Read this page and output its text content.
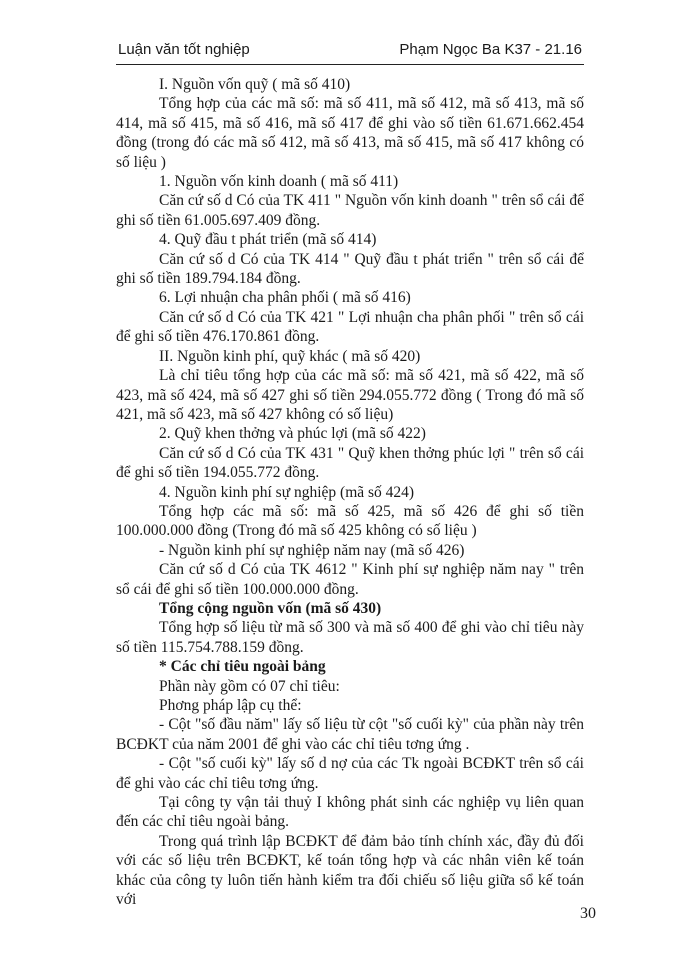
Luận văn tốt nghiệp	Phạm Ngọc Ba K37 - 21.16

I. Nguồn vốn quỹ ( mã số 410)

Tổng hợp của các mã số: mã số 411, mã số 412, mã số 413, mã số 414, mã số 415, mã số 416, mã số 417 để ghi vào số tiền 61.671.662.454 đồng (trong đó các mã số 412, mã số 413, mã số 415, mã số 417 không có số liệu )

1. Nguồn vốn kinh doanh ( mã số 411)

Căn cứ số d Có của TK 411 " Nguồn vốn kinh doanh " trên sổ cái để ghi số tiền 61.005.697.409 đồng.

4. Quỹ đầu t phát triển (mã số 414)

Căn cứ số d Có của TK 414 " Quỹ đầu t phát triển " trên sổ cái để ghi số tiền 189.794.184 đồng.

6. Lợi nhuận cha phân phối ( mã số 416)

Căn cứ số d Có của TK 421 " Lợi nhuận cha phân phối " trên sổ cái để ghi số tiền 476.170.861 đồng.

II. Nguồn kinh phí, quỹ khác ( mã số 420)

Là chỉ tiêu tổng hợp của các mã số: mã số 421, mã số 422, mã số 423, mã số 424, mã số 427 ghi số tiền 294.055.772 đồng ( Trong đó mã số 421, mã số 423, mã số 427 không có số liệu)

2. Quỹ khen thởng và phúc lợi (mã số 422)

Căn cứ số d Có của TK 431 " Quỹ khen thởng phúc lợi " trên sổ cái để ghi số tiền 194.055.772 đồng.

4. Nguồn kinh phí sự nghiệp (mã số 424)

Tổng hợp các mã số: mã số 425, mã số 426 để ghi số tiền 100.000.000 đồng (Trong đó mã số 425 không có số liệu )

- Nguồn kinh phí sự nghiệp năm nay (mã số 426)

Căn cứ số d Có của TK 4612 " Kinh phí sự nghiệp năm nay " trên sổ cái để ghi số tiền 100.000.000 đồng.

Tổng cộng nguồn vốn (mã số 430)

Tổng hợp số liệu từ mã số 300 và mã số 400 để ghi vào chỉ tiêu này số tiền 115.754.788.159 đồng.

* Các chỉ tiêu ngoài bảng

Phần này gồm có 07 chỉ tiêu:

Phơng pháp lập cụ thể:

- Cột "số đầu năm" lấy số liệu từ cột "số cuối kỳ" của phần này trên BCĐKT của năm 2001 để ghi vào các chỉ tiêu tơng ứng .

- Cột "số cuối kỳ" lấy số d nợ của các Tk ngoài BCĐKT trên sổ cái để ghi vào các chỉ tiêu tơng ứng.

Tại công ty vận tải thuỷ I không phát sinh các nghiệp vụ liên quan đến các chỉ tiêu ngoài bảng.

Trong quá trình lập BCĐKT để đảm bảo tính chính xác, đầy đủ đối với các số liệu trên BCĐKT, kế toán tổng hợp và các nhân viên kế toán khác của công ty luôn tiến hành kiểm tra đối chiếu số liệu giữa sổ kế toán với

30
